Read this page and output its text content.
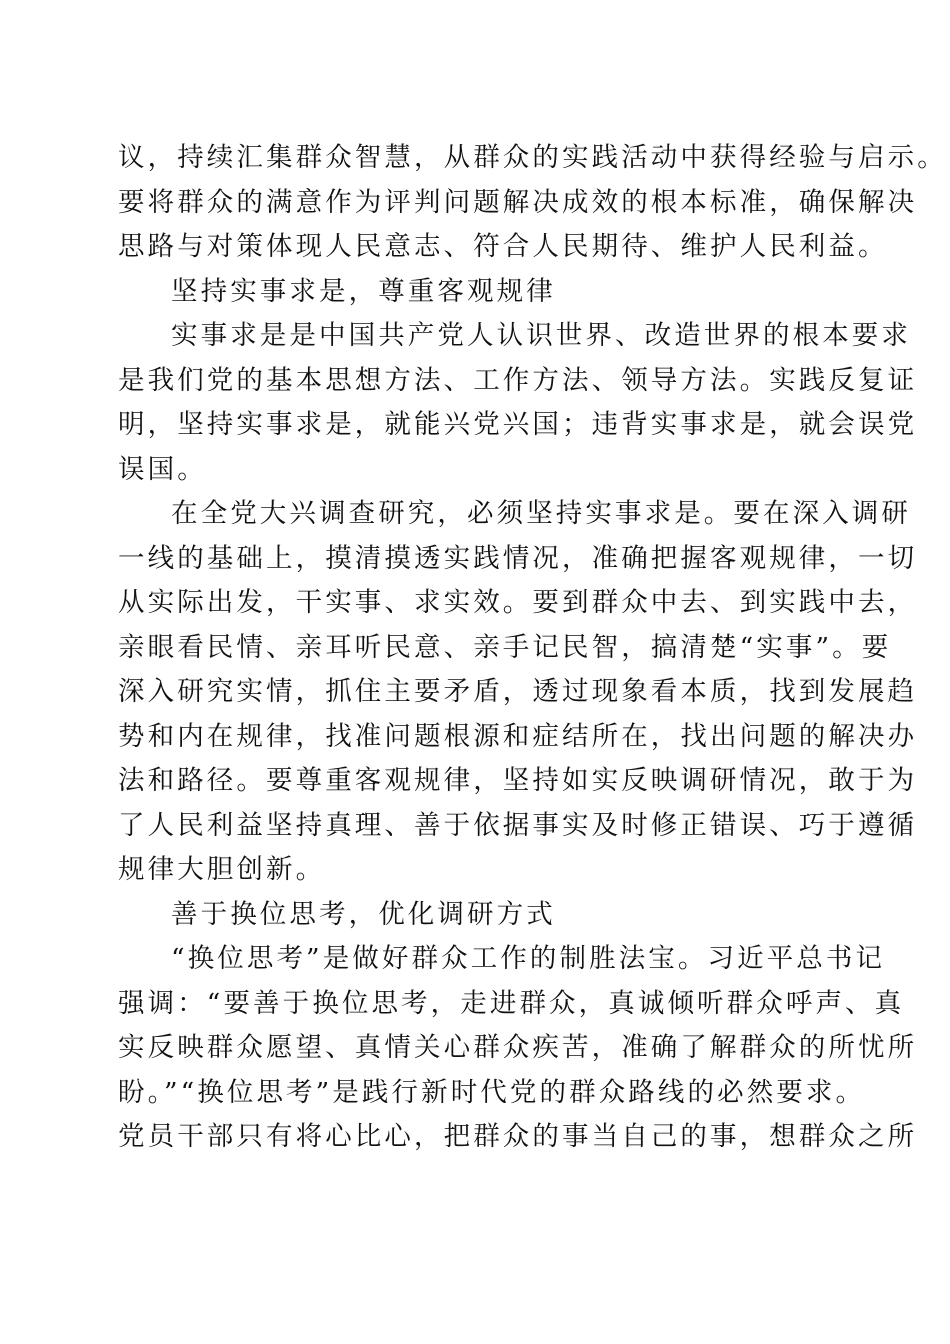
议，持续汇集群众智慧，从群众的实践活动中获得经验与启示。
要将群众的满意作为评判问题解决成效的根本标准，确保解决
思路与对策体现人民意志、符合人民期待、维护人民利益。
坚持实事求是，尊重客观规律
实事求是是中国共产党人认识世界、改造世界的根本要求
是我们党的基本思想方法、工作方法、领导方法。实践反复证
明，坚持实事求是，就能兴党兴国；违背实事求是，就会误党
误国。
在全党大兴调查研究，必须坚持实事求是。要在深入调研
一线的基础上，摸清摸透实践情况，准确把握客观规律，一切
从实际出发，干实事、求实效。要到群众中去、到实践中去，
亲眼看民情、亲耳听民意、亲手记民智，搞清楚“实事”。要
深入研究实情，抓住主要矛盾，透过现象看本质，找到发展趋
势和内在规律，找准问题根源和症结所在，找出问题的解决办
法和路径。要尊重客观规律，坚持如实反映调研情况，敢于为
了人民利益坚持真理、善于依据事实及时修正错误、巧于遵循
规律大胆创新。
善于换位思考，优化调研方式
“换位思考”是做好群众工作的制胜法宝。习近平总书记
强调：“要善于换位思考，走进群众，真诚倾听群众呼声、真
实反映群众愿望、真情关心群众疾苦，准确了解群众的所忧所
盼。”“换位思考”是践行新时代党的群众路线的必然要求。
党员干部只有将心比心，把群众的事当自己的事，想群众之所
